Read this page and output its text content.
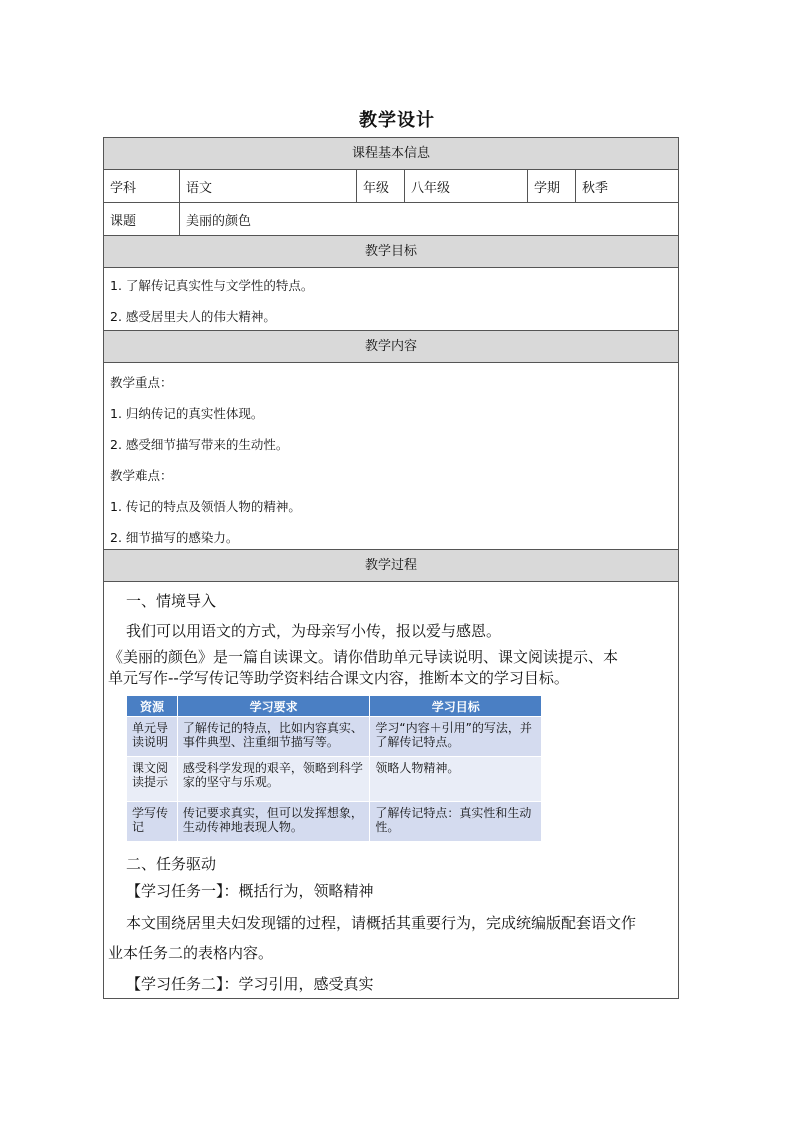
教学设计
课程基本信息
学科	语文	年级	八年级	学期	秋季
课题	美丽的颜色
教学目标
1. 了解传记真实性与文学性的特点。
2. 感受居里夫人的伟大精神。
教学内容
教学重点：
1. 归纳传记的真实性体现。
2. 感受细节描写带来的生动性。
教学难点：
1. 传记的特点及领悟人物的精神。
2. 细节描写的感染力。
教学过程
一、情境导入
我们可以用语文的方式，为母亲写小传，报以爱与感恩。
《美丽的颜色》是一篇自读课文。请你借助单元导读说明、课文阅读提示、本
单元写作--学写传记等助学资料结合课文内容，推断本文的学习目标。
资源	学习要求	学习目标
单元导读说明	了解传记的特点，比如内容真实、事件典型、注重细节描写等。	学习“内容＋引用”的写法，并了解传记特点。
课文阅读提示	感受科学发现的艰辛，领略到科学家的坚守与乐观。	领略人物精神。
学写传记	传记要求真实，但可以发挥想象，生动传神地表现人物。	了解传记特点：真实性和生动性。
二、任务驱动
【学习任务一】：概括行为，领略精神
本文围绕居里夫妇发现镭的过程，请概括其重要行为，完成统编版配套语文作
业本任务二的表格内容。
【学习任务二】：学习引用，感受真实
